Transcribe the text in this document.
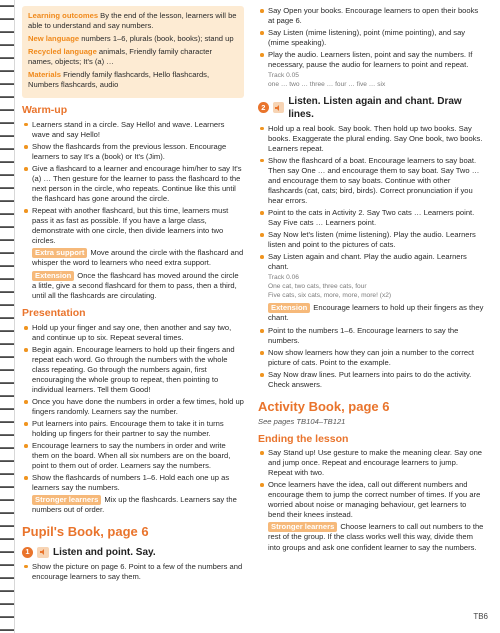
Learning outcomes By the end of the lesson, learners will be able to understand and say numbers.

New language numbers 1–6, plurals (book, books); stand up

Recycled language animals, Friendly family character names, objects; It's (a) …

Materials Friendly family flashcards, Hello flashcards, Numbers flashcards, audio

Warm-up
Learners stand in a circle. Say Hello! and wave. Learners wave and say Hello!
Show the flashcards from the previous lesson. Encourage learners to say It's a (book) or It's (Jim).
Give a flashcard to a learner and encourage him/her to say It's (a) … Then gesture for the learner to pass the flashcard to the next person in the circle, who repeats. Continue like this until the flashcard has gone around the circle.
Repeat with another flashcard, but this time, learners must pass it as fast as possible. If you have a large class, demonstrate with one circle, then divide learners into two circles.
Extra support Move around the circle with the flashcard and whisper the word to learners who need extra support.
Extension Once the flashcard has moved around the circle a little, give a second flashcard for them to pass, then a third, until all the flashcards are circulating.
Presentation
Hold up your finger and say one, then another and say two, and continue up to six. Repeat several times.
Begin again. Encourage learners to hold up their fingers and repeat each word. Go through the numbers with the whole class repeating. Go through the numbers again, first encouraging the whole group to repeat, then pointing to individual learners. Tell them Good!
Once you have done the numbers in order a few times, hold up fingers randomly. Learners say the number.
Put learners into pairs. Encourage them to take it in turns holding up fingers for their partner to say the number.
Encourage learners to say the numbers in order and write them on the board. When all six numbers are on the board, point to them out of order. Learners say the numbers.
Show the flashcards of numbers 1–6. Hold each one up as learners say the numbers.
Stronger learners Mix up the flashcards. Learners say the numbers out of order.
Pupil's Book, page 6
1	Listen and point. Say.
Show the picture on page 6. Point to a few of the numbers and encourage learners to say them.
Say Open your books. Encourage learners to open their books at page 6.
Say Listen (mime listening), point (mime pointing), and say (mime speaking).
Play the audio. Learners listen, point and say the numbers. If necessary, pause the audio for learners to point and repeat.
Track 0.05
one … two … three … four … five … six
2
Listen. Listen again and chant. Draw lines.
Hold up a real book. Say book. Then hold up two books. Say books. Exaggerate the plural ending. Say One book, two books. Learners repeat.
Show the flashcard of a boat. Encourage learners to say boat. Then say One … and encourage them to say boat. Say Two … and encourage them to say boats. Continue with other flashcards (cat, cats; bird, birds). Correct pronunciation if you hear errors.
Point to the cats in Activity 2. Say Two cats … Learners point. Say Five cats … Learners point.
Say Now let's listen (mime listening). Play the audio. Learners listen and point to the pictures of cats.
Say Listen again and chant. Play the audio again. Learners chant.
Track 0.06
One cat, two cats, three cats, four
Five cats, six cats, more, more, more! (x2)
Extension Encourage learners to hold up their fingers as they chant.
Point to the numbers 1–6. Encourage learners to say the numbers.
Now show learners how they can join a number to the correct picture of cats. Point to the example.
Say Now draw lines. Put learners into pairs to do the activity. Check answers.
Activity Book, page 6
See pages TB104–TB121
Ending the lesson
Say Stand up! Use gesture to make the meaning clear. Say one and jump once. Repeat and encourage learners to jump. Repeat with two.
Once learners have the idea, call out different numbers and encourage them to jump the correct number of times. If you are worried about noise or managing behaviour, get learners to bend their knees instead.
Stronger learners Choose learners to call out numbers to the rest of the group. If the class works well this way, divide them into groups and ask one confident learner to say the numbers.
TB6
